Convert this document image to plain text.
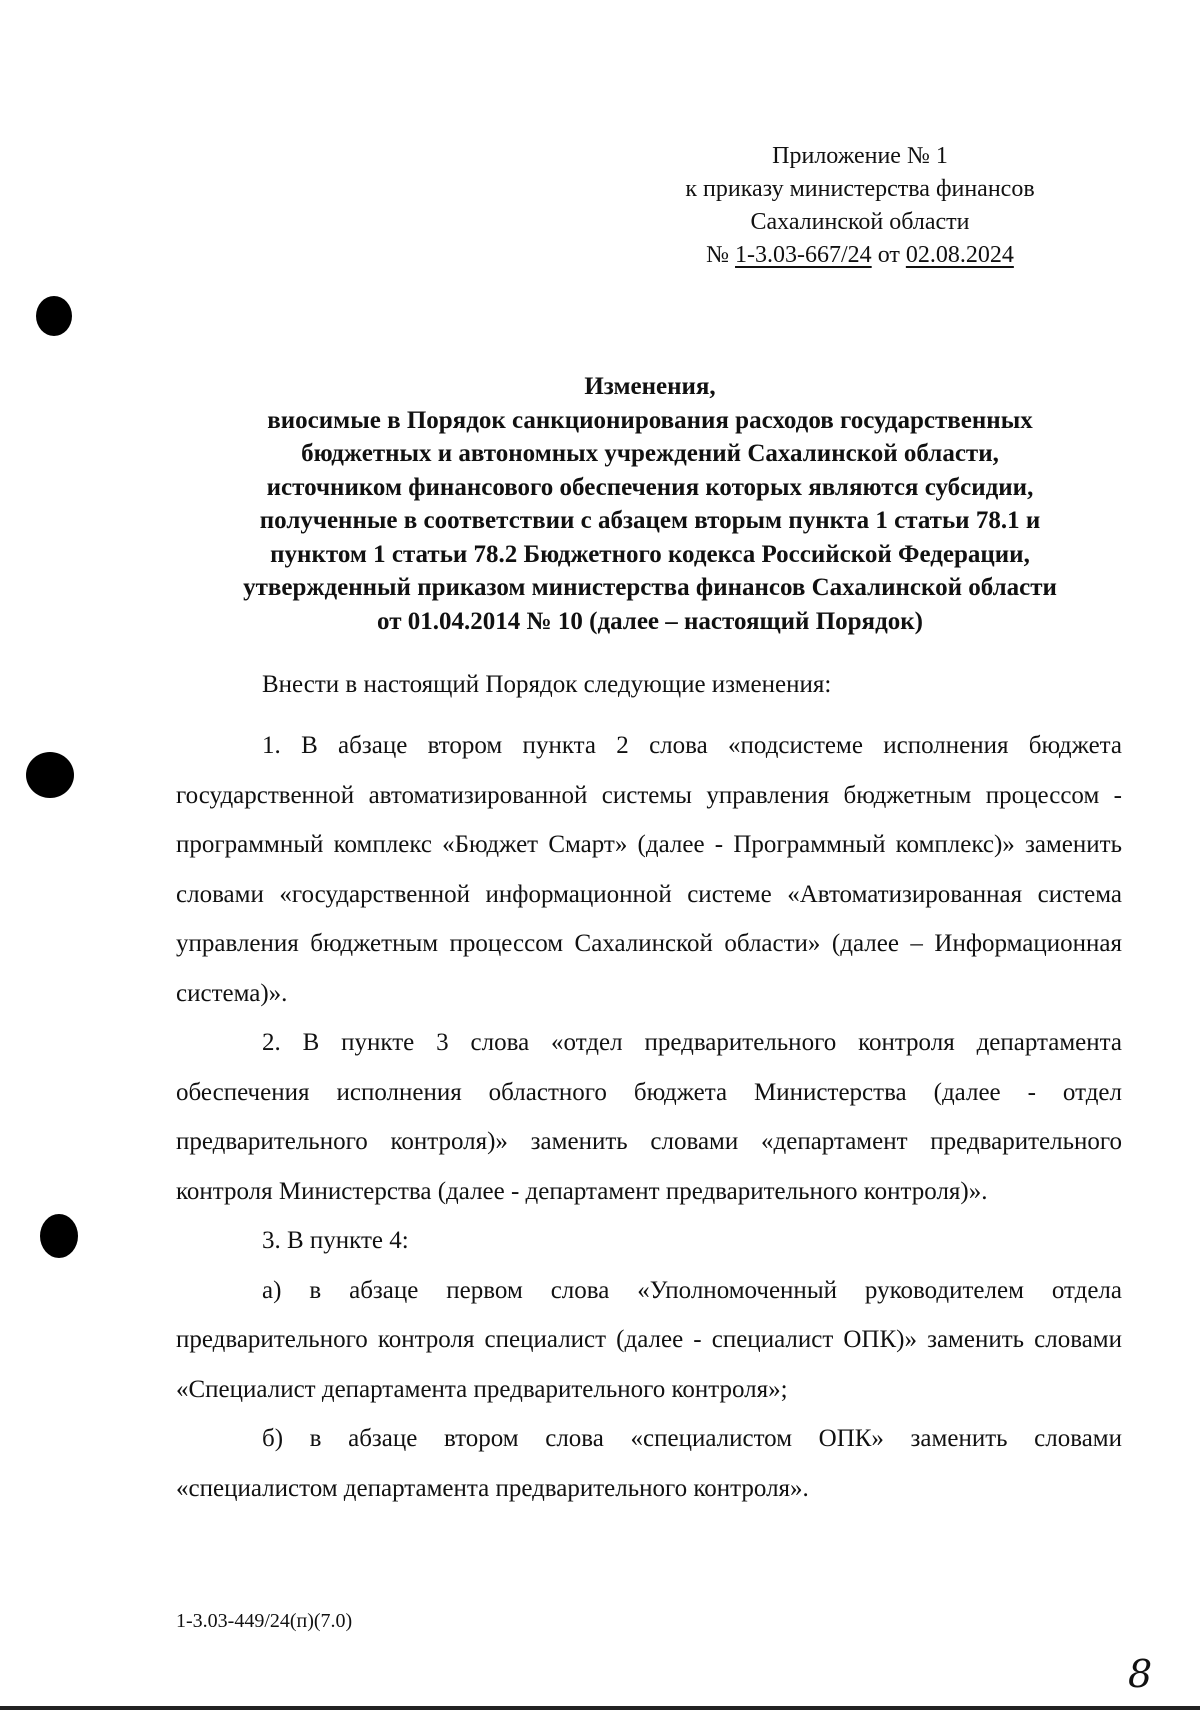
Приложение № 1
к приказу министерства финансов
Сахалинской области
№ 1-3.03-667/24 от 02.08.2024
Изменения,
виосимые в Порядок санкционирования расходов государственных
бюджетных и автономных учреждений Сахалинской области,
источником финансового обеспечения которых являются субсидии,
полученные в соответствии с абзацем вторым пункта 1 статьи 78.1 и
пунктом 1 статьи 78.2 Бюджетного кодекса Российской Федерации,
утвержденный приказом министерства финансов Сахалинской области
от 01.04.2014 № 10 (далее – настоящий Порядок)

Внести в настоящий Порядок следующие изменения:

1. В абзаце втором пункта 2 слова «подсистеме исполнения бюджета государственной автоматизированной системы управления бюджетным процессом - программный комплекс «Бюджет Смарт» (далее - Программный комплекс)» заменить словами «государственной информационной системе «Автоматизированная система управления бюджетным процессом Сахалинской области» (далее – Информационная система)».

2. В пункте 3 слова «отдел предварительного контроля департамента обеспечения исполнения областного бюджета Министерства (далее - отдел предварительного контроля)» заменить словами «департамент предварительного контроля Министерства (далее - департамент предварительного контроля)».

3. В пункте 4:

а) в абзаце первом слова «Уполномоченный руководителем отдела предварительного контроля специалист (далее - специалист ОПК)» заменить словами «Специалист департамента предварительного контроля»;

б) в абзаце втором слова «специалистом ОПК» заменить словами «специалистом департамента предварительного контроля».

1-3.03-449/24(п)(7.0)
8
